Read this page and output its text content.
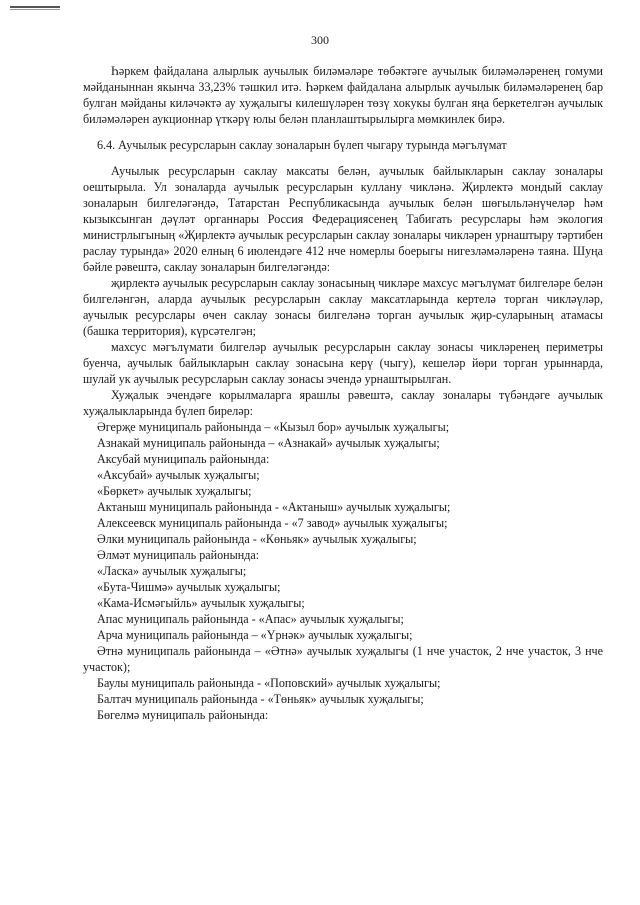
300

Һәркем файдалана алырлык аучылык биләмәләре төбәктәге аучылык биләмәләренең гомуми мәйданыннан якынча 33,23% тәшкил итә. Һәркем файдалана алырлык аучылык биләмәләренең бар булган мәйданы киләчәктә ау хуҗалыгы килешүләрен төзү хокукы булган яңа беркетелгән аучылык биләмәләрен аукционнар үткәрү юлы белән планлаштырылырга мөмкинлек бирә.

6.4. Аучылык ресурсларын саклау зоналарын бүлеп чыгару турында мәгълүмат

Аучылык ресурсларын саклау максаты белән, аучылык байлыкларын саклау зоналары оештырыла. Ул зоналарда аучылык ресурсларын куллану чикләнә. Җирлектә мондый саклау зоналарын билгеләгәндә, Татарстан Республикасында аучылык белән шөгыльләнүчеләр һәм кызыксынган дәүләт органнары Россия Федерациясенең Табигать ресурслары һәм экология министрлыгының «Җирлектә аучылык ресурсларын саклау зоналары чикләрен урнаштыру тәртибен раслау турында» 2020 елның 6 июлендәге 412 нче номерлы боерыгы нигезләмәләренә таяна. Шуңа бәйле рәвештә, саклау зоналарын билгеләгәндә:

җирлектә аучылык ресурсларын саклау зонасының чикләре махсус мәгълүмат билгеләре белән билгеләнгән, аларда аучылык ресурсларын саклау максатларында кертелә торган чикләүләр, аучылык ресурслары өчен саклау зонасы билгеләнә торган аучылык җир-суларының атамасы (башка территория), күрсәтелгән;

махсус мәгълүмати билгеләр аучылык ресурсларын саклау зонасы чикләренең периметры буенча, аучылык байлыкларын саклау зонасына керү (чыгу), кешеләр йөри торган урыннарда, шулай ук аучылык ресурсларын саклау зонасы эчендә урнаштырылган.

Хуҗалык эчендәге корылмаларга ярашлы рәвештә, саклау зоналары түбәндәге аучылык хуҗалыкларында бүлеп биреләр:

Әгерҗе муниципаль районында – «Кызыл бор» аучылык хуҗалыгы;

Азнакай муниципаль районында – «Азнакай» аучылык хуҗалыгы;

Аксубай муниципаль районында:

«Аксубай» аучылык хуҗалыгы;

«Бөркет» аучылык хуҗалыгы;

Актаныш муниципаль районында - «Актаныш» аучылык хуҗалыгы;

Алексеевск муниципаль районында - «7 завод» аучылык хуҗалыгы;

Әлки муниципаль районында - «Көньяк» аучылык хуҗалыгы;

Әлмәт муниципаль районында:

«Ласка» аучылык хуҗалыгы;

«Бута-Чишмә» аучылык хуҗалыгы;

«Кама-Исмәгыйль» аучылык хуҗалыгы;

Апас муниципаль районында - «Апас» аучылык хуҗалыгы;

Арча муниципаль районында – «Үрнәк» аучылык хуҗалыгы;

Әтнә муниципаль районында – «Әтнә» аучылык хуҗалыгы (1 нче участок, 2 нче участок, 3 нче участок);

Баулы муниципаль районында - «Поповский» аучылык хуҗалыгы;

Балтач муниципаль районында - «Төньяк» аучылык хуҗалыгы;

Бөгелмә муниципаль районында:
